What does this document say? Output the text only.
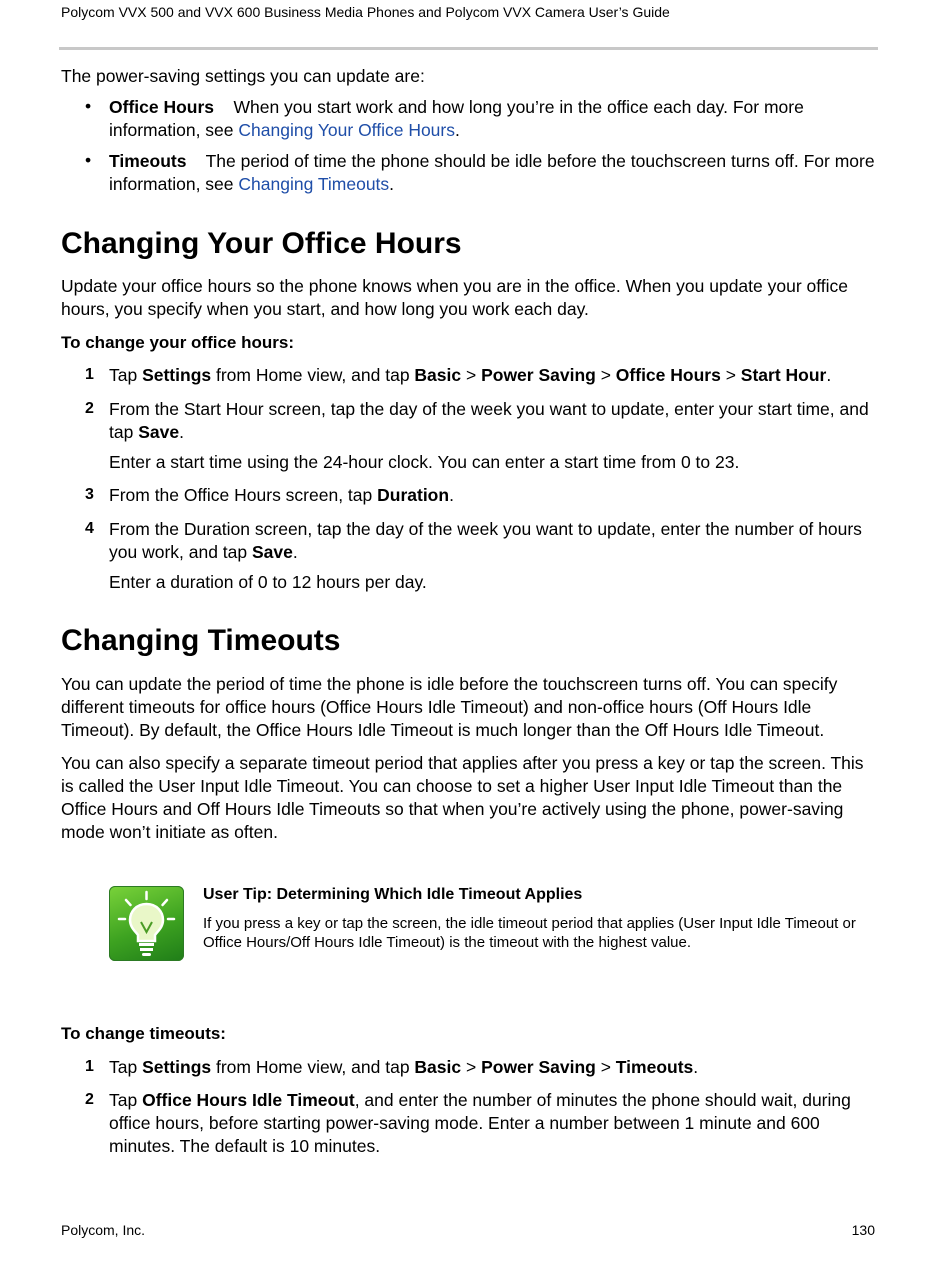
Polycom VVX 500 and VVX 600 Business Media Phones and Polycom VVX Camera User’s Guide
The power-saving settings you can update are:
• Office Hours When you start work and how long you’re in the office each day. For more information, see Changing Your Office Hours.
• Timeouts The period of time the phone should be idle before the touchscreen turns off. For more information, see Changing Timeouts.
Changing Your Office Hours
Update your office hours so the phone knows when you are in the office. When you update your office hours, you specify when you start, and how long you work each day.
To change your office hours:
1 Tap Settings from Home view, and tap Basic > Power Saving > Office Hours > Start Hour.
2 From the Start Hour screen, tap the day of the week you want to update, enter your start time, and tap Save.
Enter a start time using the 24-hour clock. You can enter a start time from 0 to 23.
3 From the Office Hours screen, tap Duration.
4 From the Duration screen, tap the day of the week you want to update, enter the number of hours you work, and tap Save.
Enter a duration of 0 to 12 hours per day.
Changing Timeouts
You can update the period of time the phone is idle before the touchscreen turns off. You can specify different timeouts for office hours (Office Hours Idle Timeout) and non-office hours (Off Hours Idle Timeout). By default, the Office Hours Idle Timeout is much longer than the Off Hours Idle Timeout.
You can also specify a separate timeout period that applies after you press a key or tap the screen. This is called the User Input Idle Timeout. You can choose to set a higher User Input Idle Timeout than the Office Hours and Off Hours Idle Timeouts so that when you’re actively using the phone, power-saving mode won’t initiate as often.
User Tip: Determining Which Idle Timeout Applies
If you press a key or tap the screen, the idle timeout period that applies (User Input Idle Timeout or Office Hours/Off Hours Idle Timeout) is the timeout with the highest value.
To change timeouts:
1 Tap Settings from Home view, and tap Basic > Power Saving > Timeouts.
2 Tap Office Hours Idle Timeout, and enter the number of minutes the phone should wait, during office hours, before starting power-saving mode. Enter a number between 1 minute and 600 minutes. The default is 10 minutes.
Polycom, Inc.	130
